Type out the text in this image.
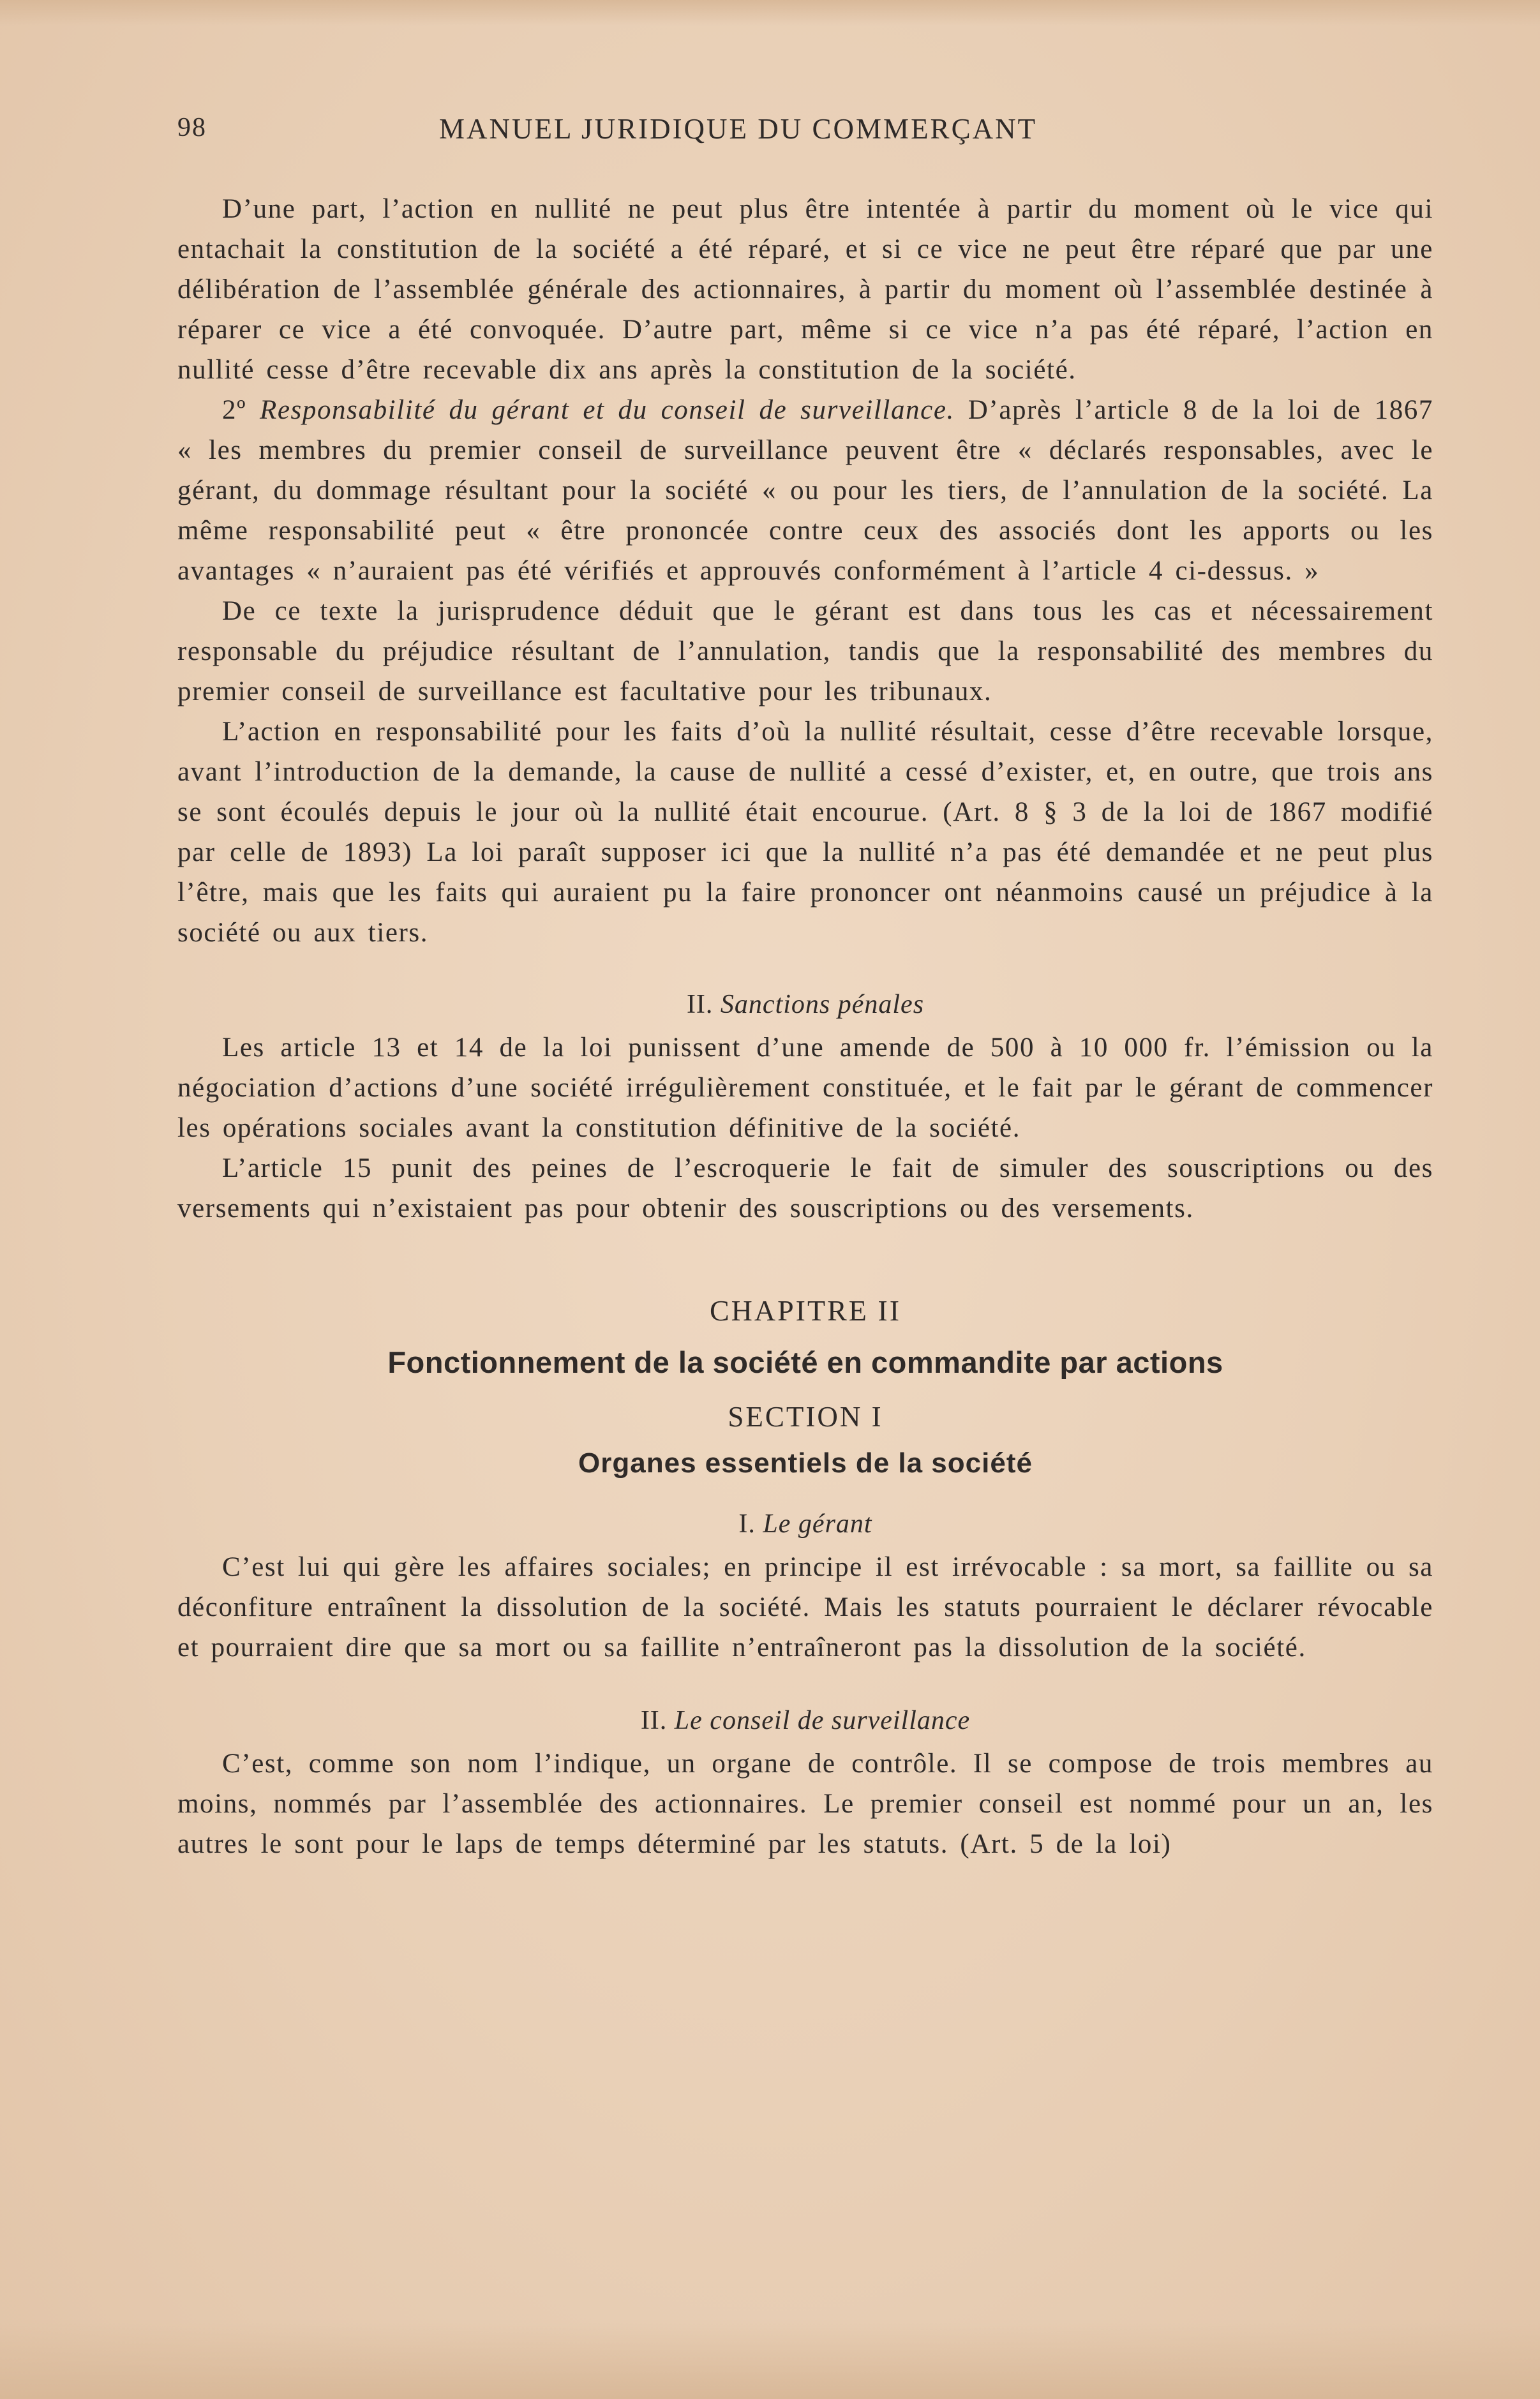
98	MANUEL JURIDIQUE DU COMMERÇANT

D’une part, l’action en nullité ne peut plus être intentée à partir du moment où le vice qui entachait la constitution de la société a été réparé, et si ce vice ne peut être réparé que par une délibération de l’assemblée générale des actionnaires, à partir du moment où l’assemblée destinée à réparer ce vice a été convoquée. D’autre part, même si ce vice n’a pas été réparé, l’action en nullité cesse d’être recevable dix ans après la constitution de la société.

2º Responsabilité du gérant et du conseil de surveillance. D’après l’article 8 de la loi de 1867 « les membres du premier conseil de surveillance peuvent être « déclarés responsables, avec le gérant, du dommage résultant pour la société « ou pour les tiers, de l’annulation de la société. La même responsabilité peut « être prononcée contre ceux des associés dont les apports ou les avantages « n’auraient pas été vérifiés et approuvés conformément à l’article 4 ci-dessus. »

De ce texte la jurisprudence déduit que le gérant est dans tous les cas et nécessairement responsable du préjudice résultant de l’annulation, tandis que la responsabilité des membres du premier conseil de surveillance est facultative pour les tribunaux.

L’action en responsabilité pour les faits d’où la nullité résultait, cesse d’être recevable lorsque, avant l’introduction de la demande, la cause de nullité a cessé d’exister, et, en outre, que trois ans se sont écoulés depuis le jour où la nullité était encourue. (Art. 8 § 3 de la loi de 1867 modifié par celle de 1893) La loi paraît supposer ici que la nullité n’a pas été demandée et ne peut plus l’être, mais que les faits qui auraient pu la faire prononcer ont néanmoins causé un préjudice à la société ou aux tiers.

II. Sanctions pénales

Les article 13 et 14 de la loi punissent d’une amende de 500 à 10 000 fr. l’émission ou la négociation d’actions d’une société irrégulièrement constituée, et le fait par le gérant de commencer les opérations sociales avant la constitution définitive de la société.

L’article 15 punit des peines de l’escroquerie le fait de simuler des souscriptions ou des versements qui n’existaient pas pour obtenir des souscriptions ou des versements.

CHAPITRE II
Fonctionnement de la société en commandite par actions
SECTION I
Organes essentiels de la société
I. Le gérant

C’est lui qui gère les affaires sociales; en principe il est irrévocable : sa mort, sa faillite ou sa déconfiture entraînent la dissolution de la société. Mais les statuts pourraient le déclarer révocable et pourraient dire que sa mort ou sa faillite n’entraîneront pas la dissolution de la société.

II. Le conseil de surveillance

C’est, comme son nom l’indique, un organe de contrôle. Il se compose de trois membres au moins, nommés par l’assemblée des actionnaires. Le premier conseil est nommé pour un an, les autres le sont pour le laps de temps déterminé par les statuts. (Art. 5 de la loi)
